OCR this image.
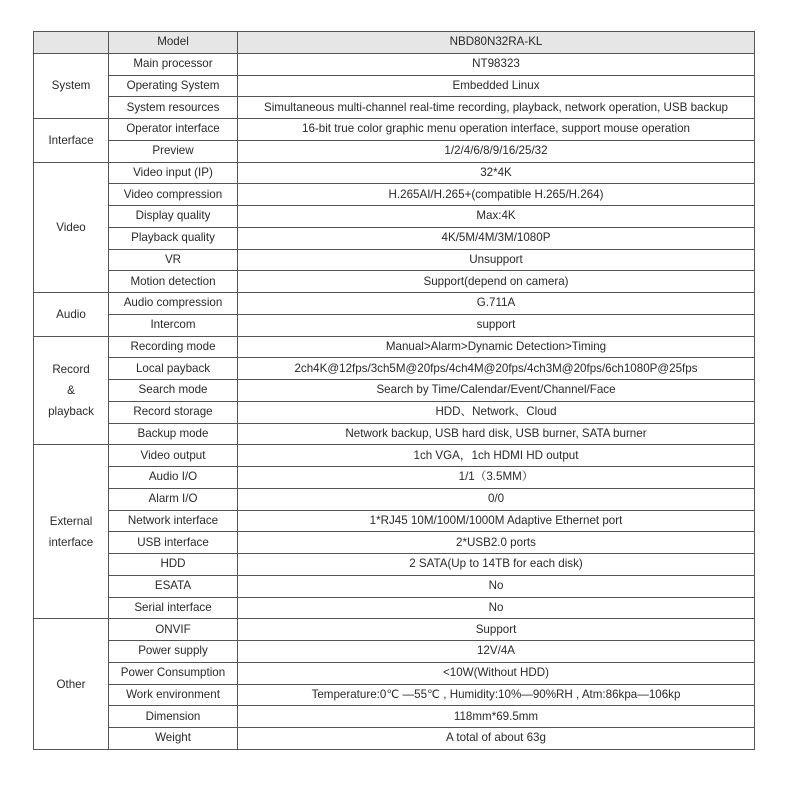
	Model	NBD80N32RA-KL

System	Main processor	NT98323
	Operating System	Embedded Linux
	System resources	Simultaneous multi-channel real-time recording, playback, network operation, USB backup

Interface	Operator interface	16-bit true color graphic menu operation interface, support mouse operation
	Preview	1/2/4/6/8/9/16/25/32

Video	Video input (IP)	32*4K
	Video compression	H.265AI/H.265+(compatible H.265/H.264)
	Display quality	Max:4K
	Playback quality	4K/5M/4M/3M/1080P
	VR	Unsupport
	Motion detection	Support(depend on camera)

Audio	Audio compression	G.711A
	Intercom	support

Record
&
playback	Recording mode	Manual>Alarm>Dynamic Detection>Timing
	Local payback	2ch4K@12fps/3ch5M@20fps/4ch4M@20fps/4ch3M@20fps/6ch1080P@25fps
	Search mode	Search by Time/Calendar/Event/Channel/Face
	Record storage	HDD、Network、Cloud
	Backup mode	Network backup, USB hard disk, USB burner, SATA burner

External
interface	Video output	1ch VGA，1ch HDMI HD output
	Audio I/O	1/1（3.5MM）
	Alarm I/O	0/0
	Network interface	1*RJ45 10M/100M/1000M Adaptive Ethernet port
	USB interface	2*USB2.0 ports
	HDD	2 SATA(Up to 14TB for each disk)
	ESATA	No
	Serial interface	No

Other	ONVIF	Support
	Power supply	12V/4A
	Power Consumption	<10W(Without HDD)
	Work environment	Temperature:0℃ —55℃ , Humidity:10%—90%RH , Atm:86kpa—106kp
	Dimension	118mm*69.5mm
	Weight	A total of about 63g
